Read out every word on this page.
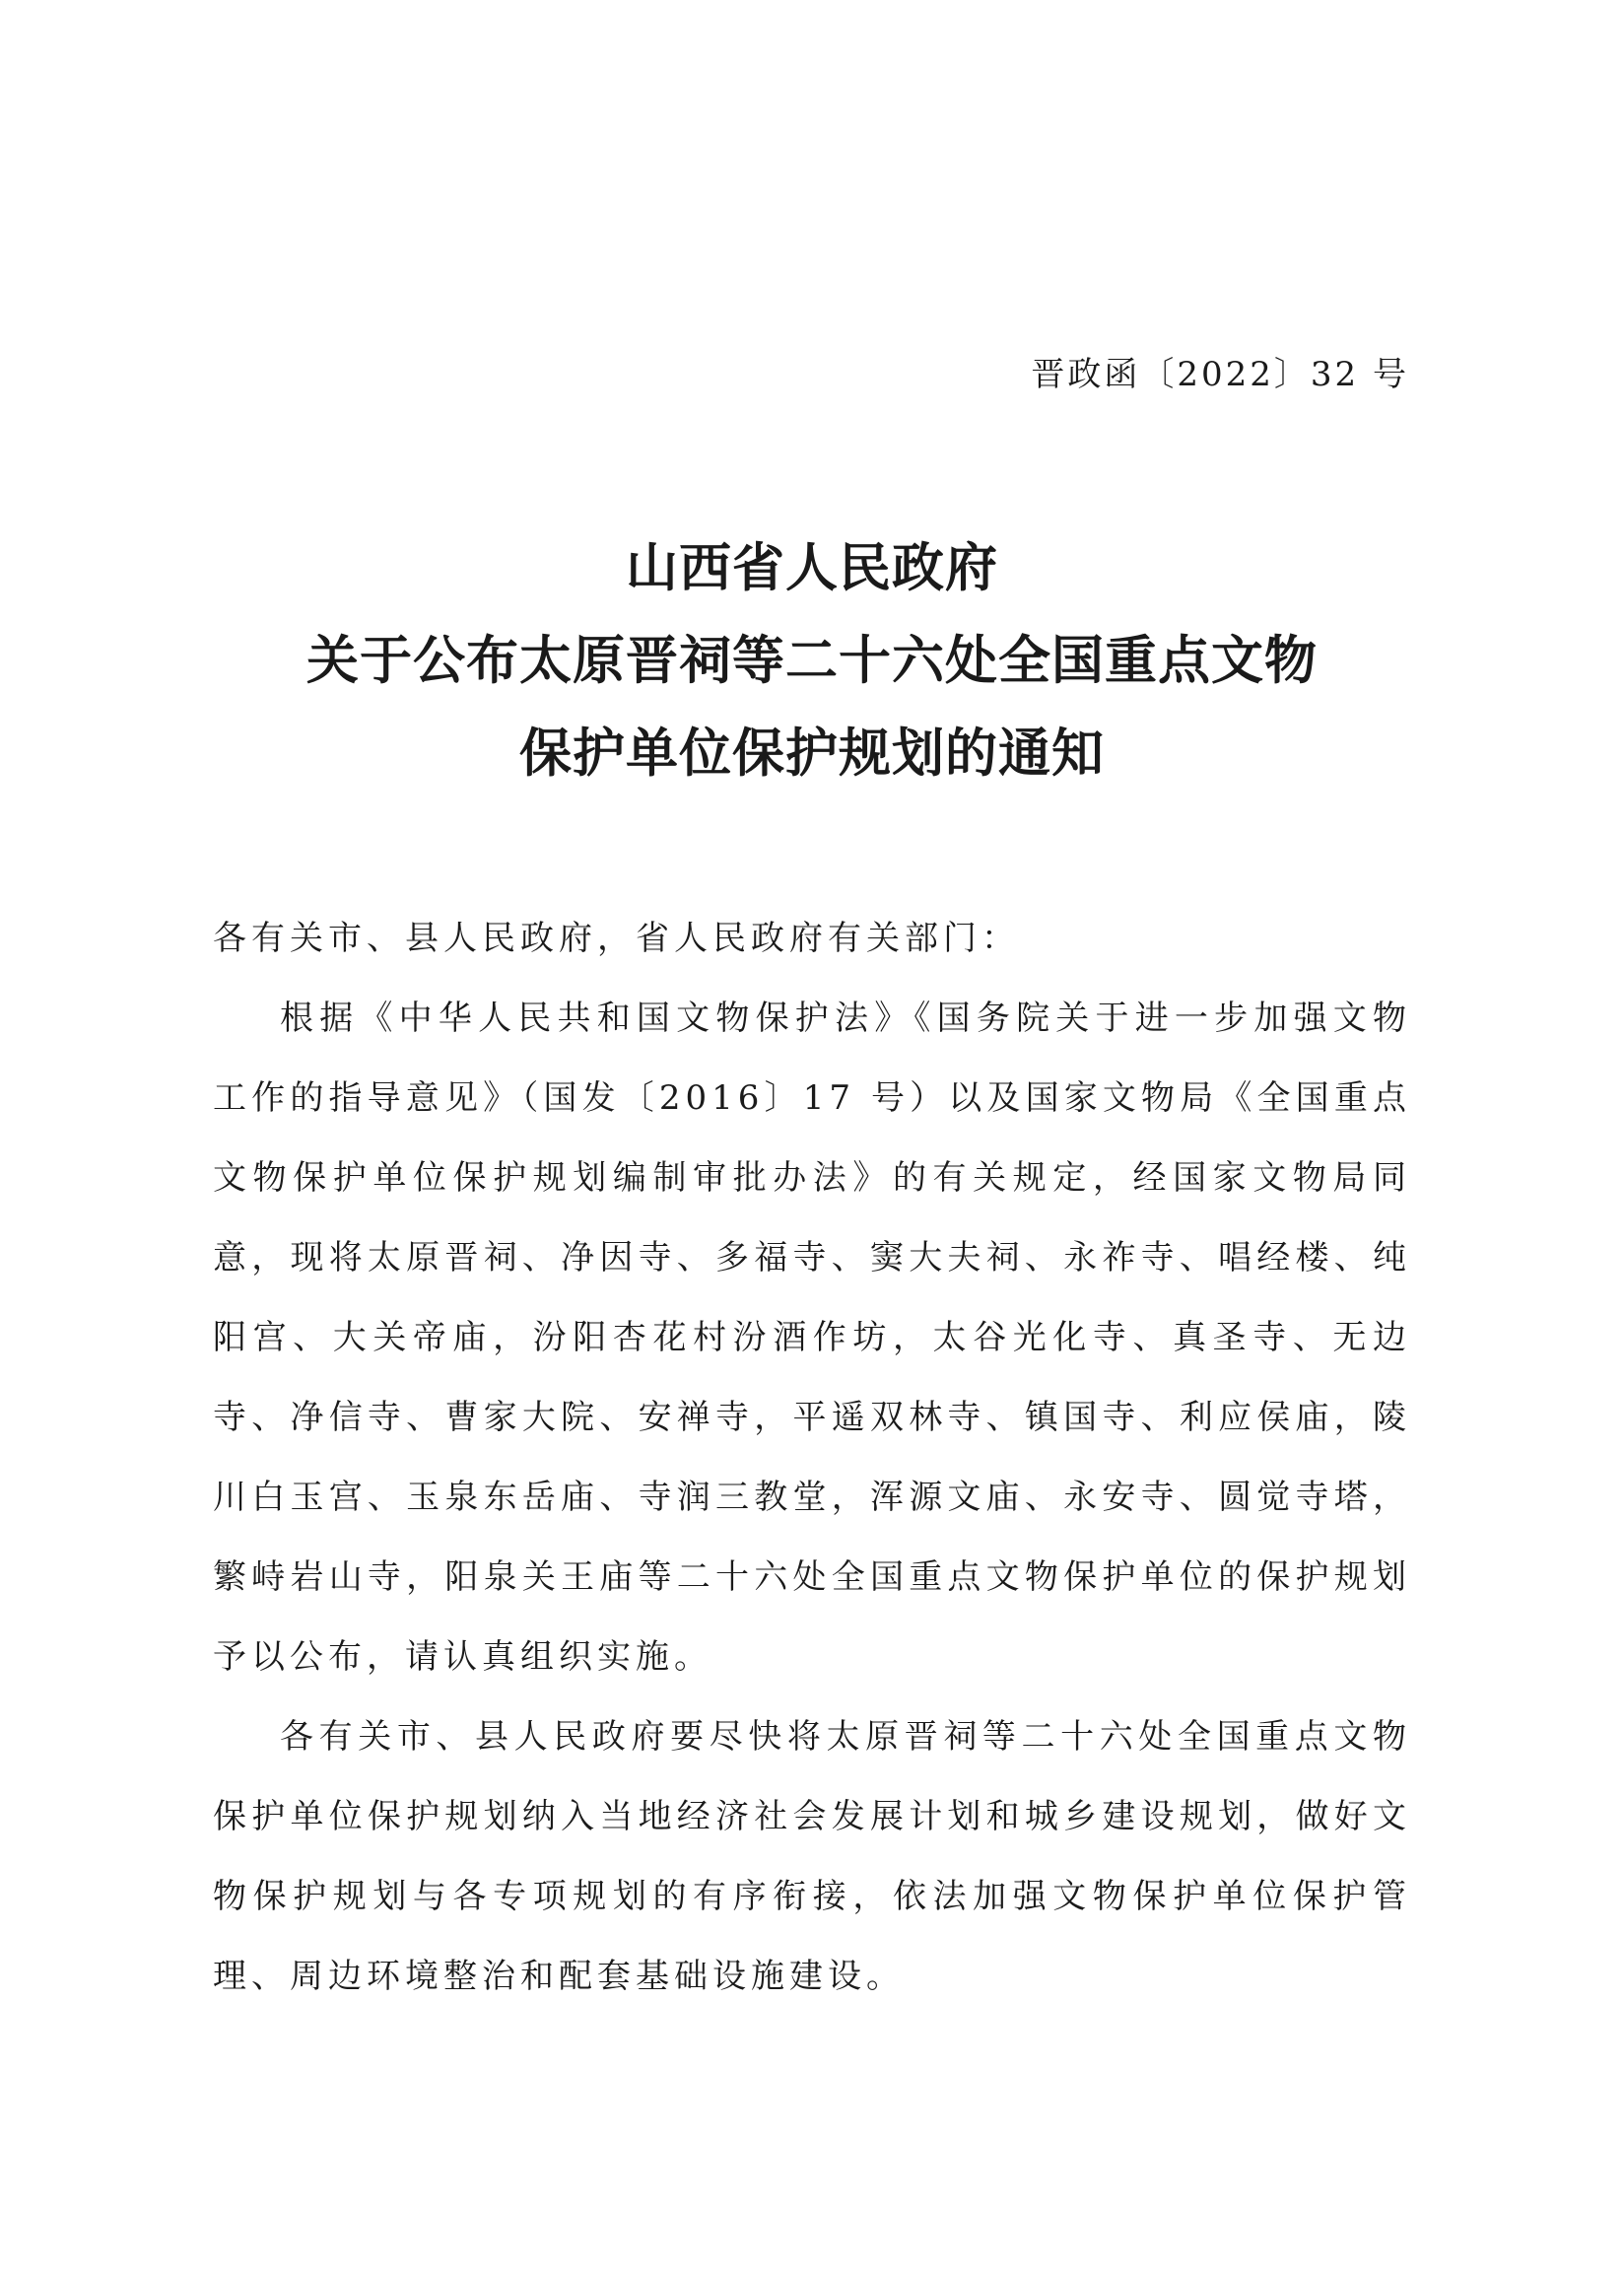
晋政函〔2022〕32 号
山西省人民政府
关于公布太原晋祠等二十六处全国重点文物
保护单位保护规划的通知

各有关市、县人民政府，省人民政府有关部门：

根据《中华人民共和国文物保护法》《国务院关于进一步加强文物工作的指导意见》（国发〔2016〕17 号）以及国家文物局《全国重点文物保护单位保护规划编制审批办法》的有关规定，经国家文物局同意，现将太原晋祠、净因寺、多福寺、窦大夫祠、永祚寺、唱经楼、纯阳宫、大关帝庙，汾阳杏花村汾酒作坊，太谷光化寺、真圣寺、无边寺、净信寺、曹家大院、安禅寺，平遥双林寺、镇国寺、利应侯庙，陵川白玉宫、玉泉东岳庙、寺润三教堂，浑源文庙、永安寺、圆觉寺塔，繁峙岩山寺，阳泉关王庙等二十六处全国重点文物保护单位的保护规划予以公布，请认真组织实施。

各有关市、县人民政府要尽快将太原晋祠等二十六处全国重点文物保护单位保护规划纳入当地经济社会发展计划和城乡建设规划，做好文物保护规划与各专项规划的有序衔接，依法加强文物保护单位保护管理、周边环境整治和配套基础设施建设。
